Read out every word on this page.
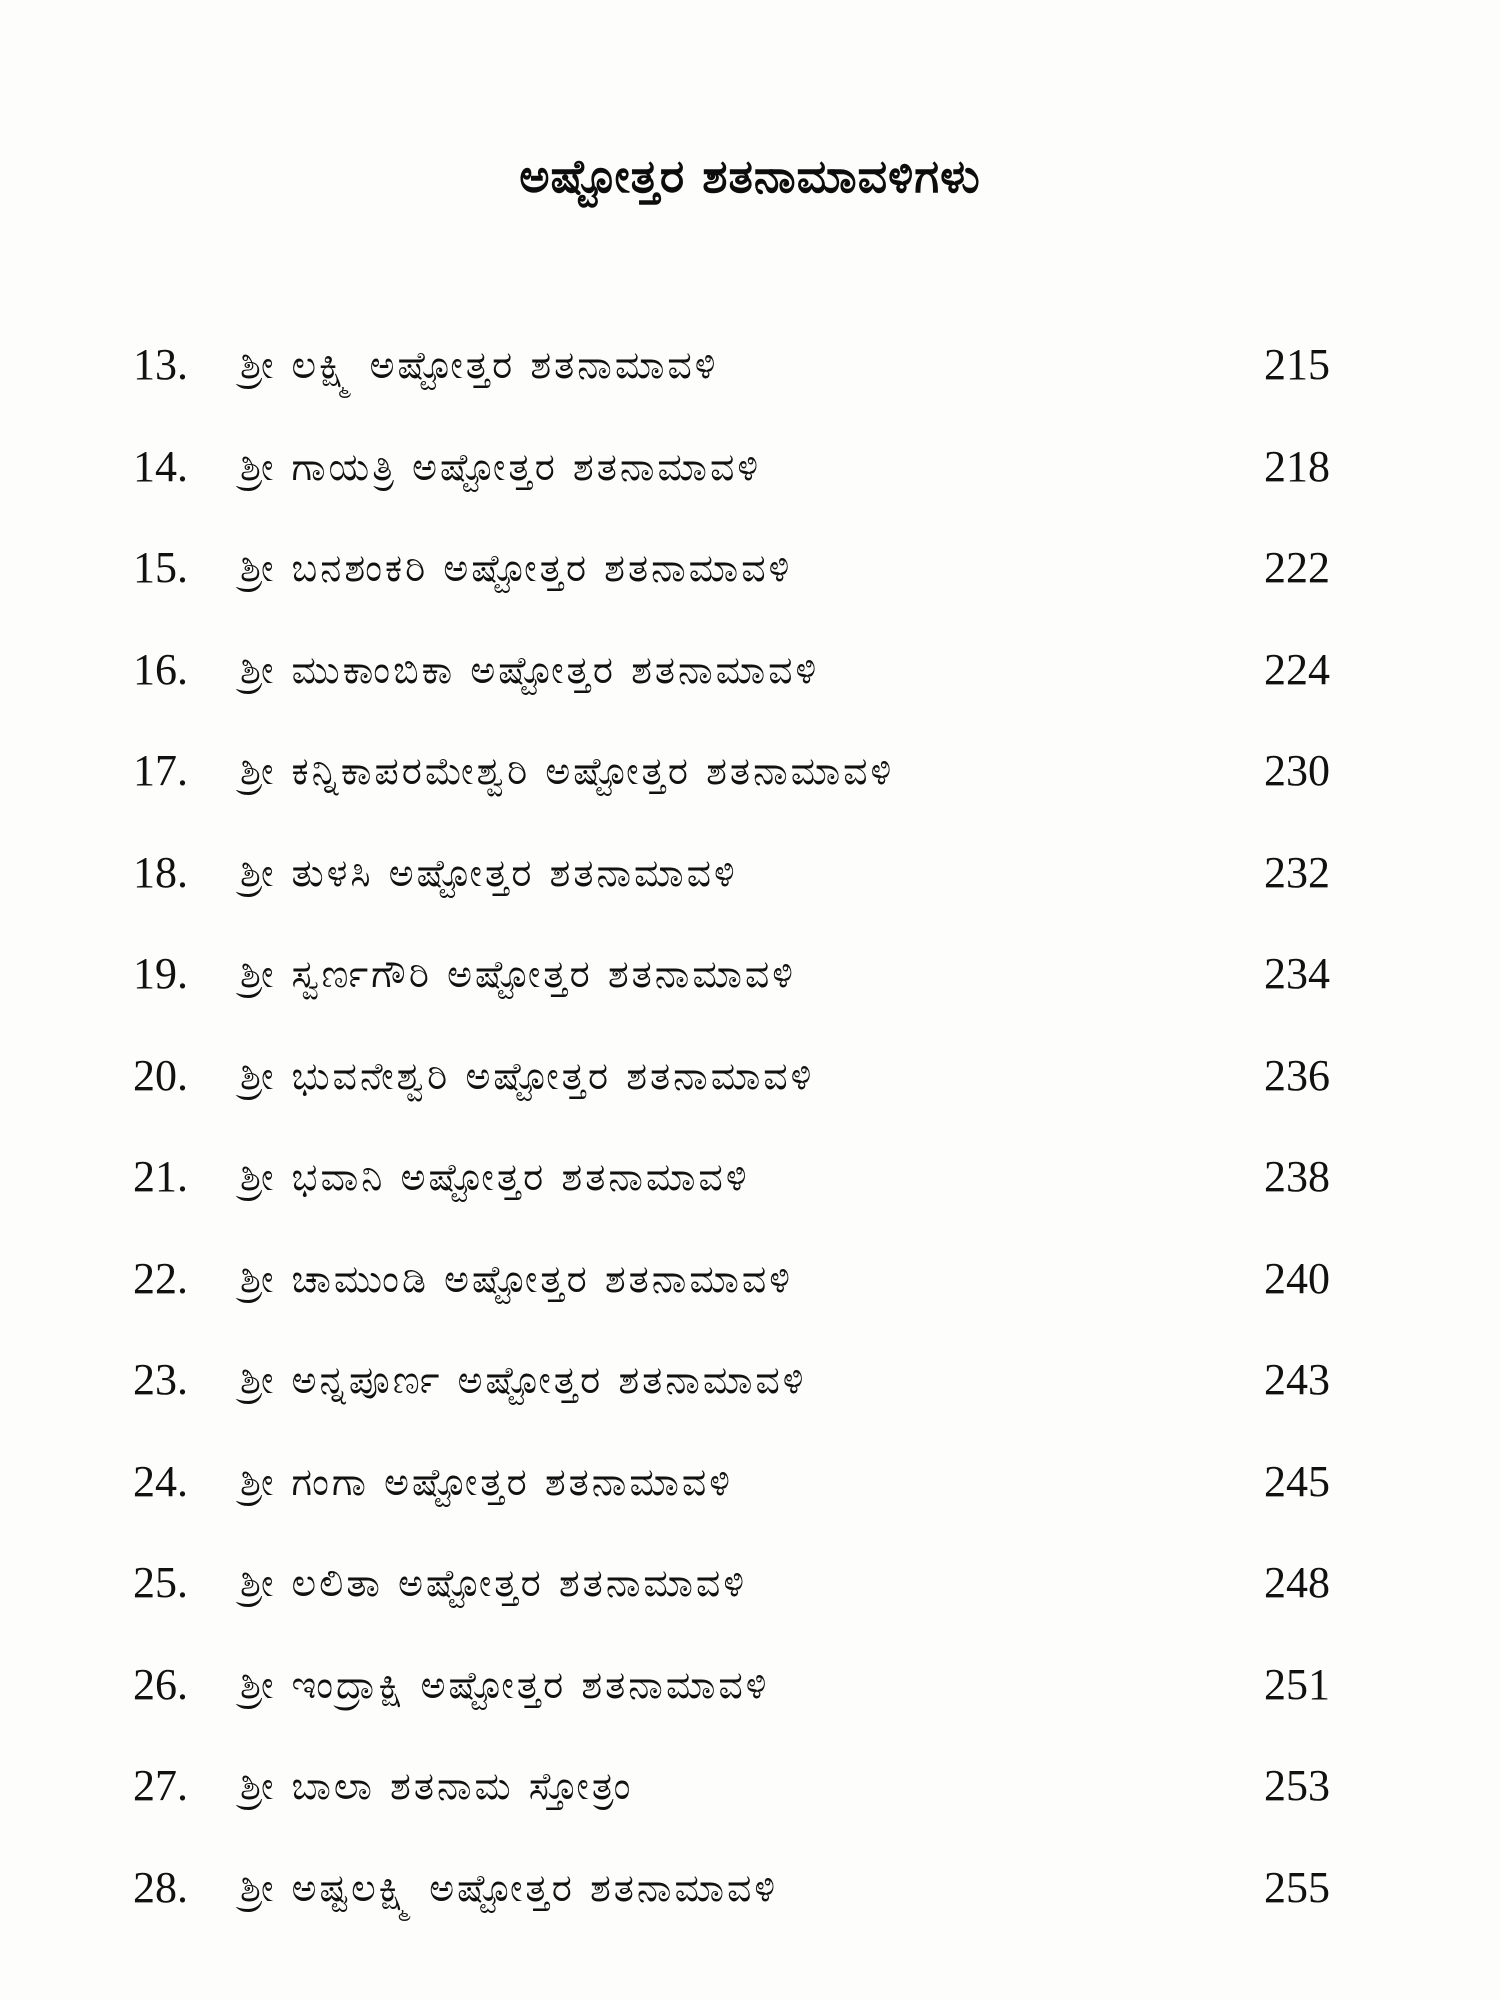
ಅಷ್ಟೋತ್ತರ ಶತನಾಮಾವಳಿಗಳು
13. ಶ್ರೀ ಲಕ್ಷ್ಮಿ ಅಷ್ಟೋತ್ತರ ಶತನಾಮಾವಳಿ	215
14. ಶ್ರೀ ಗಾಯತ್ರಿ ಅಷ್ಟೋತ್ತರ ಶತನಾಮಾವಳಿ	218
15. ಶ್ರೀ ಬನಶಂಕರಿ ಅಷ್ಟೋತ್ತರ ಶತನಾಮಾವಳಿ	222
16. ಶ್ರೀ ಮುಕಾಂಬಿಕಾ ಅಷ್ಟೋತ್ತರ ಶತನಾಮಾವಳಿ	224
17. ಶ್ರೀ ಕನ್ನಿಕಾಪರಮೇಶ್ವರಿ ಅಷ್ಟೋತ್ತರ ಶತನಾಮಾವಳಿ	230
18. ಶ್ರೀ ತುಳಸಿ ಅಷ್ಟೋತ್ತರ ಶತನಾಮಾವಳಿ	232
19. ಶ್ರೀ ಸ್ವರ್ಣಗೌರಿ ಅಷ್ಟೋತ್ತರ ಶತನಾಮಾವಳಿ	234
20. ಶ್ರೀ ಭುವನೇಶ್ವರಿ ಅಷ್ಟೋತ್ತರ ಶತನಾಮಾವಳಿ	236
21. ಶ್ರೀ ಭವಾನಿ ಅಷ್ಟೋತ್ತರ ಶತನಾಮಾವಳಿ	238
22. ಶ್ರೀ ಚಾಮುಂಡಿ ಅಷ್ಟೋತ್ತರ ಶತನಾಮಾವಳಿ	240
23. ಶ್ರೀ ಅನ್ನಪೂರ್ಣ ಅಷ್ಟೋತ್ತರ ಶತನಾಮಾವಳಿ	243
24. ಶ್ರೀ ಗಂಗಾ ಅಷ್ಟೋತ್ತರ ಶತನಾಮಾವಳಿ	245
25. ಶ್ರೀ ಲಲಿತಾ ಅಷ್ಟೋತ್ತರ ಶತನಾಮಾವಳಿ	248
26. ಶ್ರೀ ಇಂದ್ರಾಕ್ಷಿ ಅಷ್ಟೋತ್ತರ ಶತನಾಮಾವಳಿ	251
27. ಶ್ರೀ ಬಾಲಾ ಶತನಾಮ ಸ್ತೋತ್ರಂ	253
28. ಶ್ರೀ ಅಷ್ಟಲಕ್ಷ್ಮಿ ಅಷ್ಟೋತ್ತರ ಶತನಾಮಾವಳಿ	255
